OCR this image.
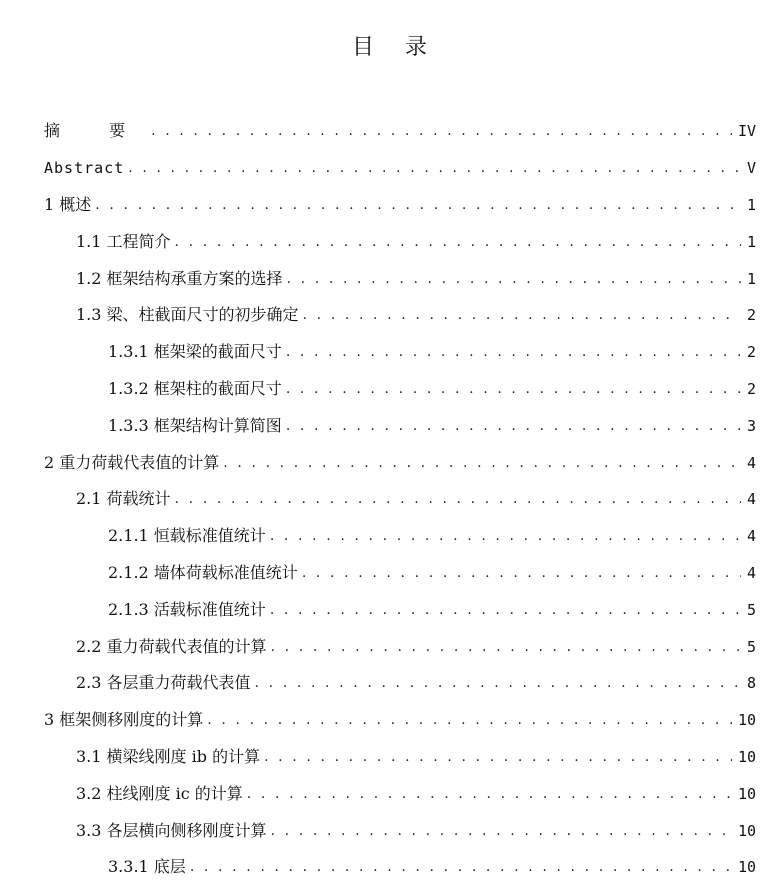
目 录
摘 要 . . .	IV
Abstract . . .	V
1 概述 . . .	1
1.1 工程简介 . . .	1
1.2 框架结构承重方案的选择 . . .	1
1.3 梁、柱截面尺寸的初步确定 . . .	2
1.3.1 框架梁的截面尺寸 . . .	2
1.3.2 框架柱的截面尺寸 . . .	2
1.3.3 框架结构计算简图 . . .	3
2 重力荷载代表值的计算 . . .	4
2.1 荷载统计 . . .	4
2.1.1 恒载标准值统计 . . .	4
2.1.2 墙体荷载标准值统计 . . .	4
2.1.3 活载标准值统计 . . .	5
2.2 重力荷载代表值的计算 . . .	5
2.3 各层重力荷载代表值 . . .	8
3 框架侧移刚度的计算 . . .	10
3.1 横梁线刚度 ib 的计算 . . .	10
3.2 柱线刚度 ic 的计算 . . .	10
3.3 各层横向侧移刚度计算 . . .	10
3.3.1 底层 . . .	10
